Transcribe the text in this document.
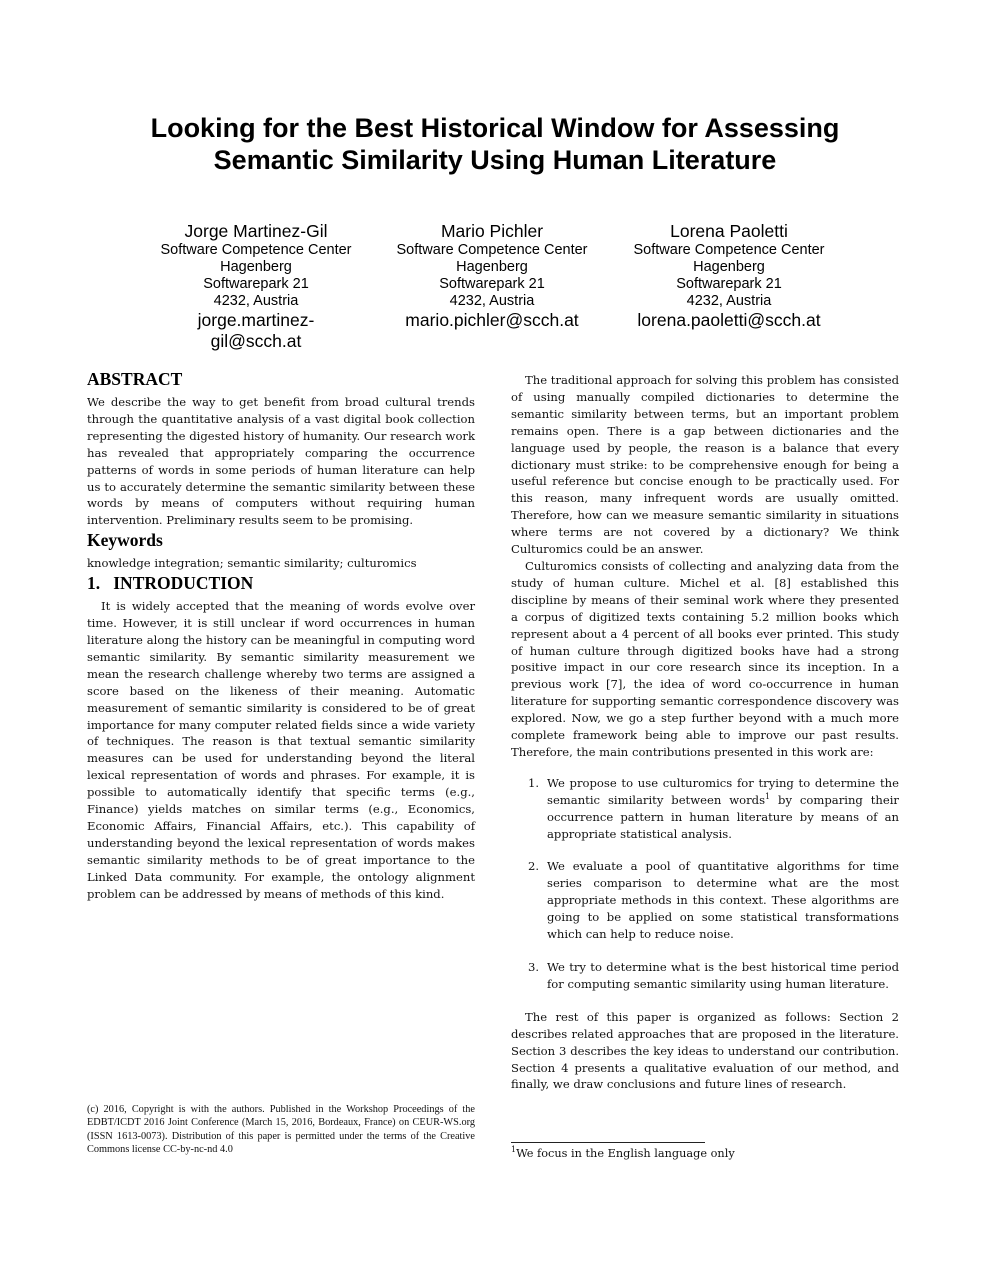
Looking for the Best Historical Window for Assessing
Semantic Similarity Using Human Literature
Jorge Martinez-Gil
Software Competence Center
Hagenberg
Softwarepark 21
4232, Austria
jorge.martinez-
gil@scch.at
Mario Pichler
Software Competence Center
Hagenberg
Softwarepark 21
4232, Austria
mario.pichler@scch.at
Lorena Paoletti
Software Competence Center
Hagenberg
Softwarepark 21
4232, Austria
lorena.paoletti@scch.at
ABSTRACT

We describe the way to get benefit from broad cultural trends through the quantitative analysis of a vast digital book collection representing the digested history of humanity. Our research work has revealed that appropriately comparing the occurrence patterns of words in some periods of human literature can help us to accurately determine the semantic similarity between these words by means of computers without requiring human intervention. Preliminary results seem to be promising.

Keywords

knowledge integration; semantic similarity; culturomics

1.   INTRODUCTION

It is widely accepted that the meaning of words evolve over time. However, it is still unclear if word occurrences in human literature along the history can be meaningful in computing word semantic similarity. By semantic similarity measurement we mean the research challenge whereby two terms are assigned a score based on the likeness of their meaning. Automatic measurement of semantic similarity is considered to be of great importance for many computer related fields since a wide variety of techniques. The reason is that textual semantic similarity measures can be used for understanding beyond the literal lexical representation of words and phrases. For example, it is possible to automatically identify that specific terms (e.g., Finance) yields matches on similar terms (e.g., Economics, Economic Affairs, Financial Affairs, etc.). This capability of understanding beyond the lexical representation of words makes semantic similarity methods to be of great importance to the Linked Data community. For example, the ontology alignment problem can be addressed by means of methods of this kind.

(c) 2016, Copyright is with the authors. Published in the Workshop Proceedings of the EDBT/ICDT 2016 Joint Conference (March 15, 2016, Bordeaux, France) on CEUR-WS.org (ISSN 1613-0073). Distribution of this paper is permitted under the terms of the Creative Commons license CC-by-nc-nd 4.0

The traditional approach for solving this problem has consisted of using manually compiled dictionaries to determine the semantic similarity between terms, but an important problem remains open. There is a gap between dictionaries and the language used by people, the reason is a balance that every dictionary must strike: to be comprehensive enough for being a useful reference but concise enough to be practically used. For this reason, many infrequent words are usually omitted. Therefore, how can we measure semantic similarity in situations where terms are not covered by a dictionary? We think Culturomics could be an answer.

Culturomics consists of collecting and analyzing data from the study of human culture. Michel et al. [8] established this discipline by means of their seminal work where they presented a corpus of digitized texts containing 5.2 million books which represent about a 4 percent of all books ever printed. This study of human culture through digitized books have had a strong positive impact in our core research since its inception. In a previous work [7], the idea of word co-occurrence in human literature for supporting semantic correspondence discovery was explored. Now, we go a step further beyond with a much more complete framework being able to improve our past results. Therefore, the main contributions presented in this work are:

1. We propose to use culturomics for trying to determine the semantic similarity between words$^1$ by comparing their occurrence pattern in human literature by means of an appropriate statistical analysis.
2. We evaluate a pool of quantitative algorithms for time series comparison to determine what are the most appropriate methods in this context. These algorithms are going to be applied on some statistical transformations which can help to reduce noise.
3. We try to determine what is the best historical time period for computing semantic similarity using human literature.

The rest of this paper is organized as follows: Section 2 describes related approaches that are proposed in the literature. Section 3 describes the key ideas to understand our contribution. Section 4 presents a qualitative evaluation of our method, and finally, we draw conclusions and future lines of research.

$^1$We focus in the English language only
